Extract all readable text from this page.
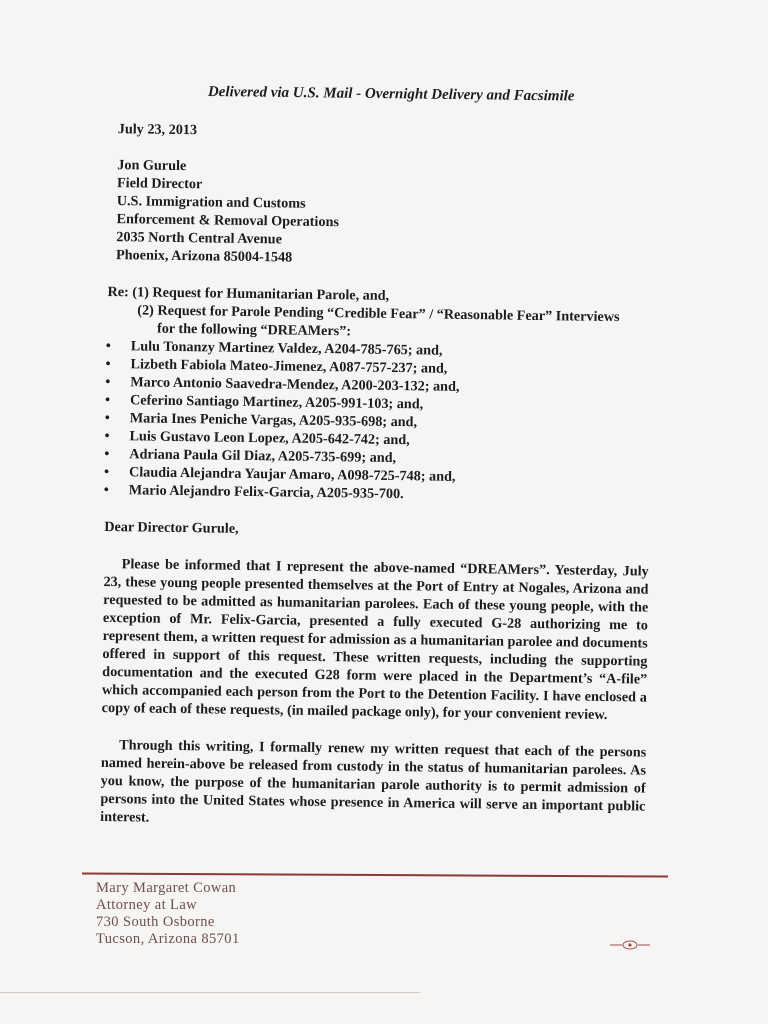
Delivered via U.S. Mail - Overnight Delivery and Facsimile
July 23, 2013
Jon Gurule
Field Director
U.S. Immigration and Customs
Enforcement & Removal Operations
2035 North Central Avenue
Phoenix, Arizona 85004-1548
Re: (1) Request for Humanitarian Parole, and,
(2) Request for Parole Pending “Credible Fear” / “Reasonable Fear” Interviews
for the following “DREAMers”:
• Lulu Tonanzy Martinez Valdez, A204-785-765; and,
• Lizbeth Fabiola Mateo-Jimenez, A087-757-237; and,
• Marco Antonio Saavedra-Mendez, A200-203-132; and,
• Ceferino Santiago Martinez, A205-991-103; and,
• Maria Ines Peniche Vargas, A205-935-698; and,
• Luis Gustavo Leon Lopez, A205-642-742; and,
• Adriana Paula Gil Diaz, A205-735-699; and,
• Claudia Alejandra Yaujar Amaro, A098-725-748; and,
• Mario Alejandro Felix-Garcia, A205-935-700.
Dear Director Gurule,

Please be informed that I represent the above-named “DREAMers”. Yesterday, July 23, these young people presented themselves at the Port of Entry at Nogales, Arizona and requested to be admitted as humanitarian parolees. Each of these young people, with the exception of Mr. Felix-Garcia, presented a fully executed G-28 authorizing me to represent them, a written request for admission as a humanitarian parolee and documents offered in support of this request. These written requests, including the supporting documentation and the executed G28 form were placed in the Department’s “A-file” which accompanied each person from the Port to the Detention Facility. I have enclosed a copy of each of these requests, (in mailed package only), for your convenient review.

Through this writing, I formally renew my written request that each of the persons named herein-above be released from custody in the status of humanitarian parolees. As you know, the purpose of the humanitarian parole authority is to permit admission of persons into the United States whose presence in America will serve an important public interest.

Mary Margaret Cowan
Attorney at Law
730 South Osborne
Tucson, Arizona 85701
